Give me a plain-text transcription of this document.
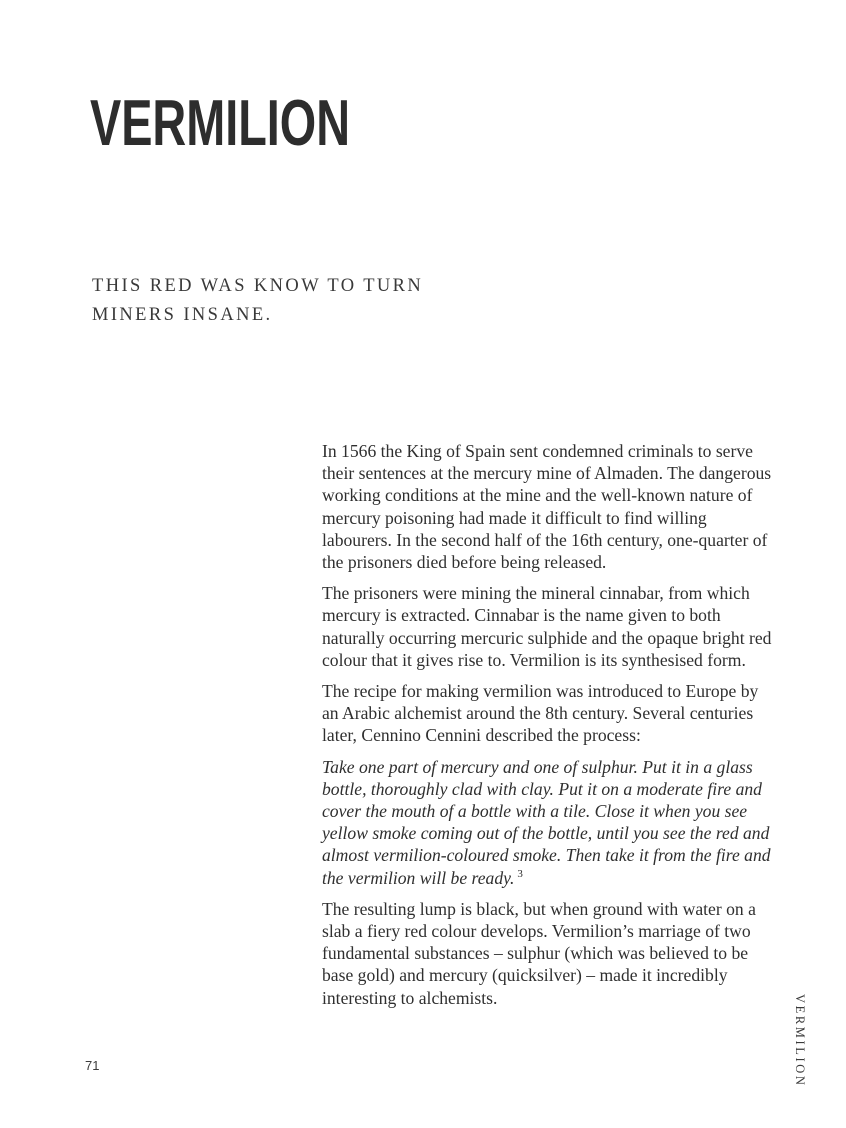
VERMILION
THIS RED WAS KNOW TO TURN
MINERS INSANE.

In 1566 the King of Spain sent condemned criminals to serve their sentences at the mercury mine of Almaden. The dangerous working conditions at the mine and the well-known nature of mercury poisoning had made it difficult to find willing labourers. In the second half of the 16th century, one-quarter of the prisoners died before being released.

The prisoners were mining the mineral cinnabar, from which mercury is extracted. Cinnabar is the name given to both naturally occurring mercuric sulphide and the opaque bright red colour that it gives rise to. Vermilion is its synthesised form.

The recipe for making vermilion was introduced to Europe by an Arabic alchemist around the 8th century. Several centuries later, Cennino Cennini described the process:

Take one part of mercury and one of sulphur. Put it in a glass bottle, thoroughly clad with clay. Put it on a moderate fire and cover the mouth of a bottle with a tile. Close it when you see yellow smoke coming out of the bottle, until you see the red and almost vermilion-coloured smoke. Then take it from the fire and the vermilion will be ready. $^3$

The resulting lump is black, but when ground with water on a slab a fiery red colour develops. Vermilion’s marriage of two fundamental substances – sulphur (which was believed to be base gold) and mercury (quicksilver) – made it incredibly interesting to alchemists.

71	VERMILION
